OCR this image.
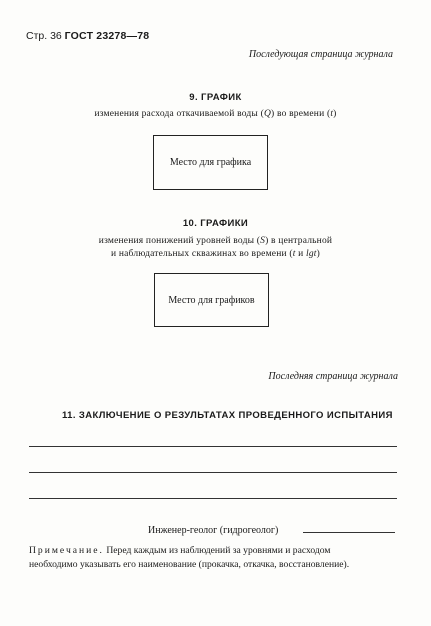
Стр. 36 ГОСТ 23278—78
Последующая страница журнала
9. ГРАФИК
изменения расхода откачиваемой воды (Q) во времени (t)
Место для графика
10. ГРАФИКИ
изменения понижений уровней воды (S) в центральной
и наблюдательных скважинах во времени (t и lgt)
Место для графиков
Последняя страница журнала
11. ЗАКЛЮЧЕНИЕ О РЕЗУЛЬТАТАХ ПРОВЕДЕННОГО ИСПЫТАНИЯ
Инженер-геолог (гидрогеолог)
Примечание. Перед каждым из наблюдений за уровнями и расходом
необходимо указывать его наименование (прокачка, откачка, восстановление).
